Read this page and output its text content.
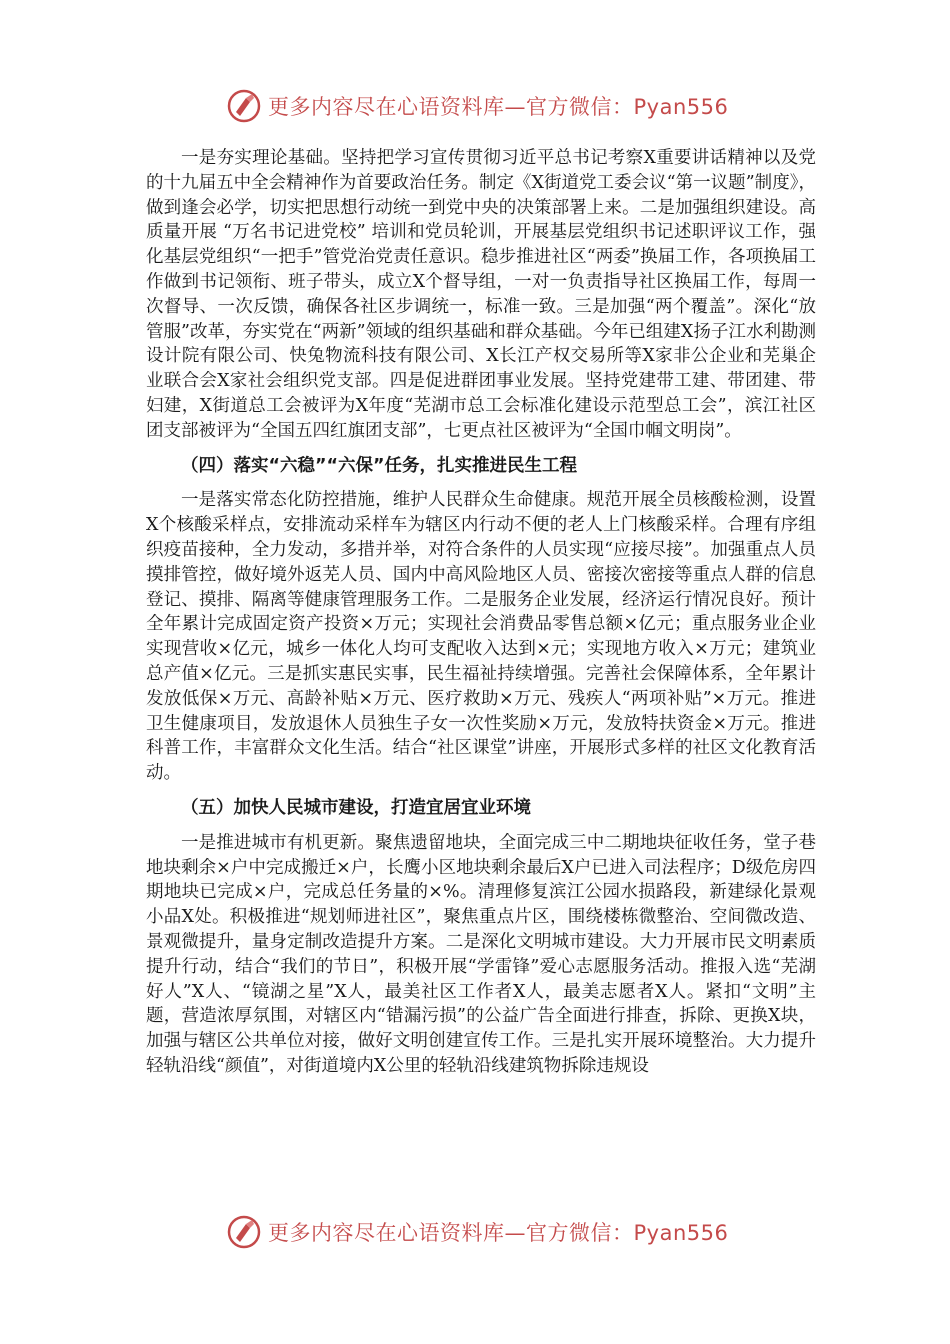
更多内容尽在心语资料库—官方微信：Pyan556

一是夯实理论基础。坚持把学习宣传贯彻习近平总书记考察X重要讲话精神以及党的十九届五中全会精神作为首要政治任务。制定《X街道党工委会议“第一议题”制度》，做到逢会必学，切实把思想行动统一到党中央的决策部署上来。二是加强组织建设。高质量开展 “万名书记进党校” 培训和党员轮训，开展基层党组织书记述职评议工作，强化基层党组织“一把手”管党治党责任意识。稳步推进社区“两委”换届工作，各项换届工作做到书记领衔、班子带头，成立X个督导组，一对一负责指导社区换届工作，每周一次督导、一次反馈，确保各社区步调统一，标准一致。三是加强“两个覆盖”。深化“放管服”改革，夯实党在“两新”领域的组织基础和群众基础。今年已组建X扬子江水利勘测设计院有限公司、快兔物流科技有限公司、X长江产权交易所等X家非公企业和芜巢企业联合会X家社会组织党支部。四是促进群团事业发展。坚持党建带工建、带团建、带妇建，X街道总工会被评为X年度“芜湖市总工会标准化建设示范型总工会”，滨江社区团支部被评为“全国五四红旗团支部”，七更点社区被评为“全国巾帼文明岗”。

（四）落实“六稳”“六保”任务，扎实推进民生工程

一是落实常态化防控措施，维护人民群众生命健康。规范开展全员核酸检测，设置X个核酸采样点，安排流动采样车为辖区内行动不便的老人上门核酸采样。合理有序组织疫苗接种，全力发动，多措并举，对符合条件的人员实现“应接尽接”。加强重点人员摸排管控，做好境外返芜人员、国内中高风险地区人员、密接次密接等重点人群的信息登记、摸排、隔离等健康管理服务工作。二是服务企业发展，经济运行情况良好。预计全年累计完成固定资产投资×万元；实现社会消费品零售总额×亿元；重点服务业企业实现营收×亿元，城乡一体化人均可支配收入达到×元；实现地方收入×万元；建筑业总产值×亿元。三是抓实惠民实事，民生福祉持续增强。完善社会保障体系，全年累计发放低保×万元、高龄补贴×万元、医疗救助×万元、残疾人“两项补贴”×万元。推进卫生健康项目，发放退休人员独生子女一次性奖励×万元，发放特扶资金×万元。推进科普工作，丰富群众文化生活。结合“社区课堂”讲座，开展形式多样的社区文化教育活动。

（五）加快人民城市建设，打造宜居宜业环境

一是推进城市有机更新。聚焦遗留地块，全面完成三中二期地块征收任务，堂子巷地块剩余×户中完成搬迁×户，长鹰小区地块剩余最后X户已进入司法程序；D级危房四期地块已完成×户，完成总任务量的×%。清理修复滨江公园水损路段，新建绿化景观小品X处。积极推进“规划师进社区”，聚焦重点片区，围绕楼栋微整治、空间微改造、景观微提升，量身定制改造提升方案。二是深化文明城市建设。大力开展市民文明素质提升行动，结合“我们的节日”，积极开展“学雷锋”爱心志愿服务活动。推报入选“芜湖好人”X人、“镜湖之星”X人，最美社区工作者X人，最美志愿者X人。紧扣“文明”主题，营造浓厚氛围，对辖区内“错漏污损”的公益广告全面进行排查，拆除、更换X块，加强与辖区公共单位对接，做好文明创建宣传工作。三是扎实开展环境整治。大力提升轻轨沿线“颜值”，对街道境内X公里的轻轨沿线建筑物拆除违规设

更多内容尽在心语资料库—官方微信：Pyan556
